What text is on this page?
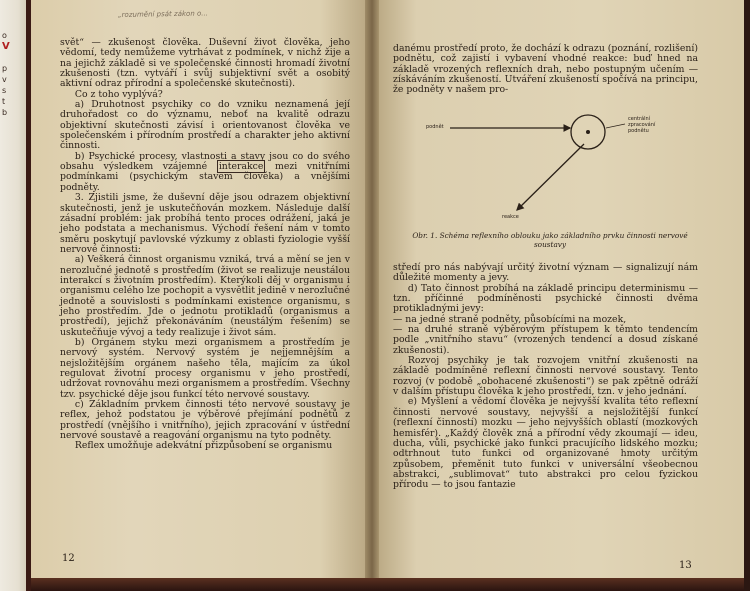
o
V
p
v
s
t
b
„rozumění psát zákon o...

svět“ — zkušenost člověka. Duševní život člověka, jeho vědomí, tedy nemůžeme vytrhávat z podmínek, v nichž žije a na jejichž základě si ve společenské činnosti hromadí životní zkušenosti (tzn. vytváří i svůj subjektivní svět a osobitý aktivní odraz přírodní a společenské skutečnosti).

Co z toho vyplývá?

a) Druhotnost psychiky co do vzniku neznamená její druhořadost co do významu, neboť na kvalitě odrazu objektivní skutečnosti závisí i orientovanost člověka ve společenském i přírodním prostředí a charakter jeho aktivní činnosti.

b) Psychické procesy, vlastnosti a stavy jsou co do svého obsahu výsledkem vzájemné interakce mezi vnitřními podmínkami (psychickým stavem člověka) a vnějšími podněty.

3. Zjistili jsme, že duševní děje jsou odrazem objektivní skutečnosti, jenž je uskutečňován mozkem. Následuje další zásadní problém: jak probíhá tento proces odrážení, jaká je jeho podstata a mechanismus. Východí řešení nám v tomto směru poskytují pavlovské výzkumy z oblasti fyziologie vyšší nervové činnosti:

a) Veškerá činnost organismu vzniká, trvá a mění se jen v nerozlučné jednotě s prostředím (život se realizuje neustálou interakcí s životním prostředím). Kterýkoli děj v organismu i organismu celého lze pochopit a vysvětlit jedině v nerozlučné jednotě a souvislosti s podmínkami existence organismu, s jeho prostředím. Jde o jednotu protikladů (organismus a prostředí), jejichž překonáváním (neustálým řešením) se uskutečňuje vývoj a tedy realizuje i život sám.

b) Orgánem styku mezi organismem a prostředím je nervový systém. Nervový systém je nejjemnějším a nejsložitějším orgánem našeho těla, majícím za úkol regulovat životní procesy organismu v jeho prostředí, udržovat rovnováhu mezi organismem a prostředím. Všechny tzv. psychické děje jsou funkcí této nervové soustavy.

c) Základním prvkem činnosti této nervové soustavy je reflex, jehož podstatou je výběrové přejímání podnětů z prostředí (vnějšího i vnitřního), jejich zpracování v ústřední nervové soustavě a reagování organismu na tyto podněty.

Reflex umožňuje adekvátní přizpůsobení se organismu

12

danému prostředí proto, že dochází k odrazu (poznání, rozlišení) podnětu, což zajistí i vybavení vhodné reakce: buď hned na základě vrozených reflexních drah, nebo postupným učením — získáváním zkušeností. Utváření zkušeností spočívá na principu, že podněty v našem pro-

podnět
centrální zpracování podnětu
reakce
Obr. 1. Schéma reflexního oblouku jako základního prvku činnosti nervové soustavy

středí pro nás nabývají určitý životní význam — signalizují nám důležité momenty a jevy.

d) Tato činnost probíhá na základě principu determinismu — tzn. příčinné podmíněnosti psychické činnosti dvěma protikladnými jevy:

— na jedné straně podněty, působícími na mozek,

— na druhé straně výběrovým přístupem k těmto tendencím podle „vnitřního stavu“ (vrozených tendencí a dosud získané zkušenosti).

Rozvoj psychiky je tak rozvojem vnitřní zkušenosti na základě podmíněné reflexní činnosti nervové soustavy. Tento rozvoj (v podobě „obohacené zkušenosti“) se pak zpětně odráží v dalším přístupu člověka k jeho prostředí, tzn. v jeho jednání.

e) Myšlení a vědomí člověka je nejvyšší kvalita této reflexní činnosti nervové soustavy, nejvyšší a nejsložitější funkcí (reflexní činností) mozku — jeho nejvyšších oblastí (mozkových hemisfér). „Každý člověk zná a přírodní vědy zkoumají — ideu, ducha, vůli, psychické jako funkci pracujícího lidského mozku; odtrhnout tuto funkci od organizované hmoty určitým způsobem, přeměnit tuto funkci v universální všeobecnou abstrakci, „sublimovat“ tuto abstrakci pro celou fyzickou přírodu — to jsou fantazie

13
